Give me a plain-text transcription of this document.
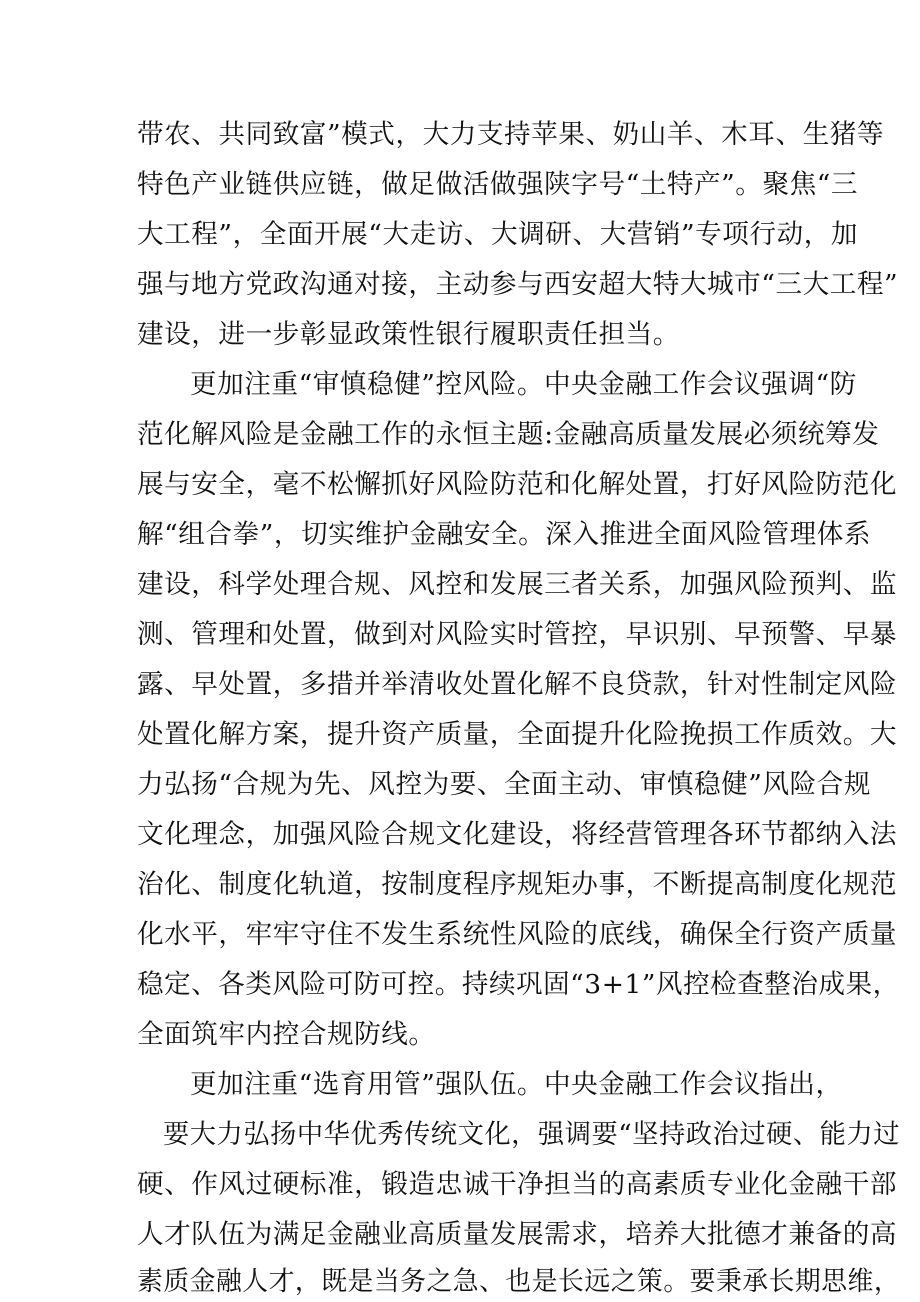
带农、共同致富”模式，大力支持苹果、奶山羊、木耳、生猪等
特色产业链供应链，做足做活做强陕字号“土特产”。聚焦“三
大工程”，全面开展“大走访、大调研、大营销”专项行动，加
强与地方党政沟通对接，主动参与西安超大特大城市“三大工程”
建设，进一步彰显政策性银行履职责任担当。
更加注重“审慎稳健”控风险。中央金融工作会议强调“防
范化解风险是金融工作的永恒主题:金融高质量发展必须统筹发
展与安全，毫不松懈抓好风险防范和化解处置，打好风险防范化
解“组合拳”，切实维护金融安全。深入推进全面风险管理体系
建设，科学处理合规、风控和发展三者关系，加强风险预判、监
测、管理和处置，做到对风险实时管控，早识别、早预警、早暴
露、早处置，多措并举清收处置化解不良贷款，针对性制定风险
处置化解方案，提升资产质量，全面提升化险挽损工作质效。大
力弘扬“合规为先、风控为要、全面主动、审慎稳健”风险合规
文化理念，加强风险合规文化建设，将经营管理各环节都纳入法
治化、制度化轨道，按制度程序规矩办事，不断提高制度化规范
化水平，牢牢守住不发生系统性风险的底线，确保全行资产质量
稳定、各类风险可防可控。持续巩固“3+1”风控检查整治成果，
全面筑牢内控合规防线。
更加注重“选育用管”强队伍。中央金融工作会议指出，
要大力弘扬中华优秀传统文化，强调要“坚持政治过硬、能力过
硬、作风过硬标准，锻造忠诚干净担当的高素质专业化金融干部
人才队伍为满足金融业高质量发展需求，培养大批德才兼备的高
素质金融人才，既是当务之急、也是长远之策。要秉承长期思维，
